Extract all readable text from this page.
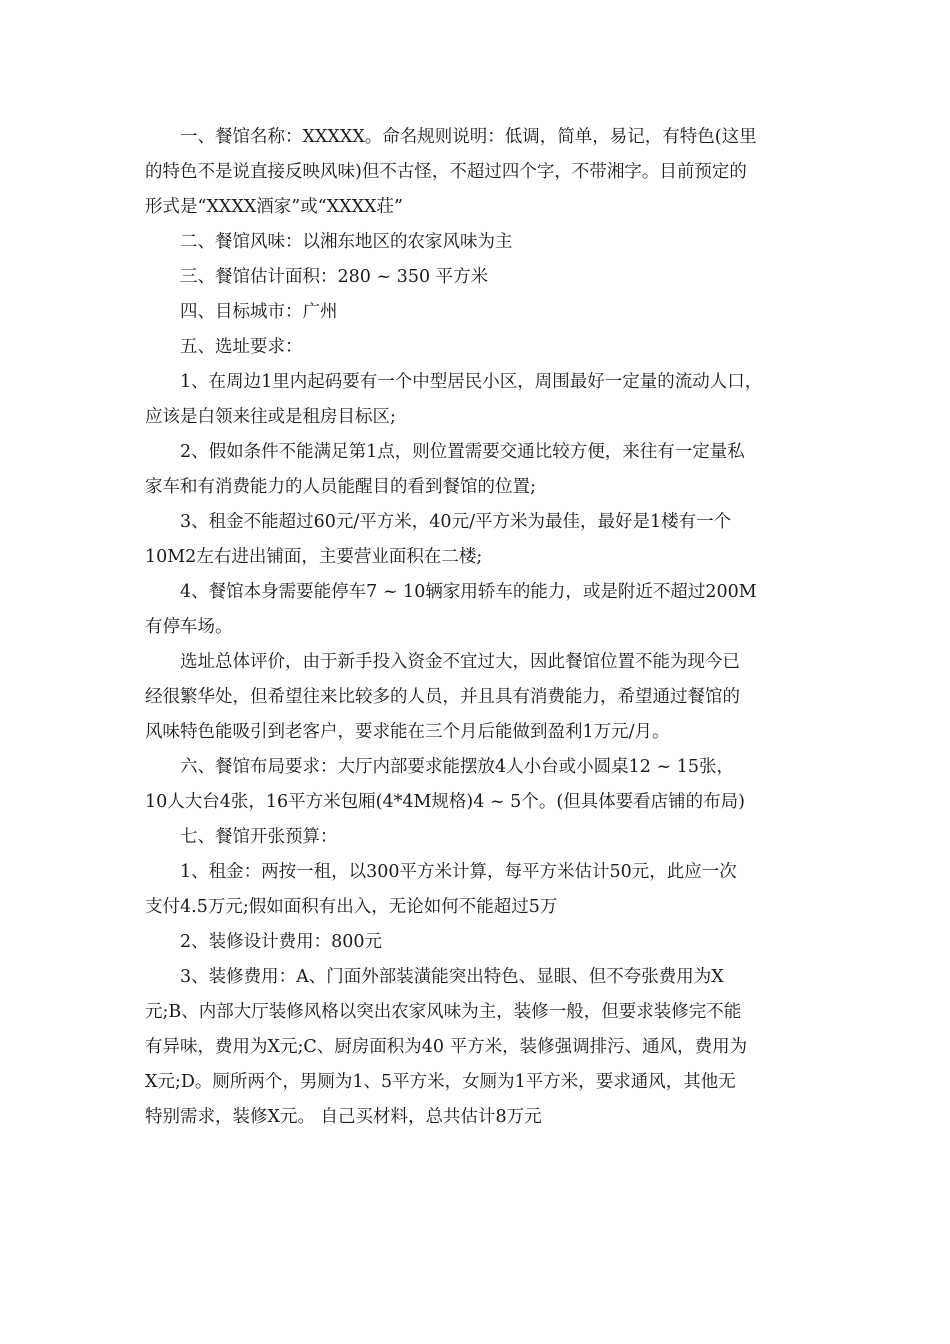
一、餐馆名称：XXXXX。命名规则说明：低调，简单，易记，有特色(这里
的特色不是说直接反映风味)但不古怪，不超过四个字，不带湘字。目前预定的
形式是“XXXX酒家”或“XXXX荘”
二、餐馆风味：以湘东地区的农家风味为主
三、餐馆估计面积：280 ~ 350 平方米
四、目标城市：广州
五、选址要求：
1、在周边1里内起码要有一个中型居民小区，周围最好一定量的流动人口，
应该是白领来往或是租房目标区;
2、假如条件不能满足第1点，则位置需要交通比较方便，来往有一定量私
家车和有消费能力的人员能醒目的看到餐馆的位置;
3、租金不能超过60元/平方米，40元/平方米为最佳，最好是1楼有一个
10M2左右进出铺面，主要营业面积在二楼;
4、餐馆本身需要能停车7 ~ 10辆家用轿车的能力，或是附近不超过200M
有停车场。
选址总体评价，由于新手投入资金不宜过大，因此餐馆位置不能为现今已
经很繁华处，但希望往来比较多的人员，并且具有消费能力，希望通过餐馆的
风味特色能吸引到老客户，要求能在三个月后能做到盈利1万元/月。
六、餐馆布局要求：大厅内部要求能摆放4人小台或小圆桌12 ~ 15张，
10人大台4张，16平方米包厢(4*4M规格)4 ~ 5个。(但具体要看店铺的布局)
七、餐馆开张预算：
1、租金：两按一租，以300平方米计算，每平方米估计50元，此应一次
支付4.5万元;假如面积有出入，无论如何不能超过5万
2、装修设计费用：800元
3、装修费用：A、门面外部装潢能突出特色、显眼、但不夸张费用为X
元;B、内部大厅装修风格以突出农家风味为主，装修一般，但要求装修完不能
有异味，费用为X元;C、厨房面积为40 平方米，装修强调排污、通风，费用为
X元;D。厕所两个，男厕为1、5平方米，女厕为1平方米，要求通风，其他无
特别需求，装修X元。 自己买材料，总共估计8万元
